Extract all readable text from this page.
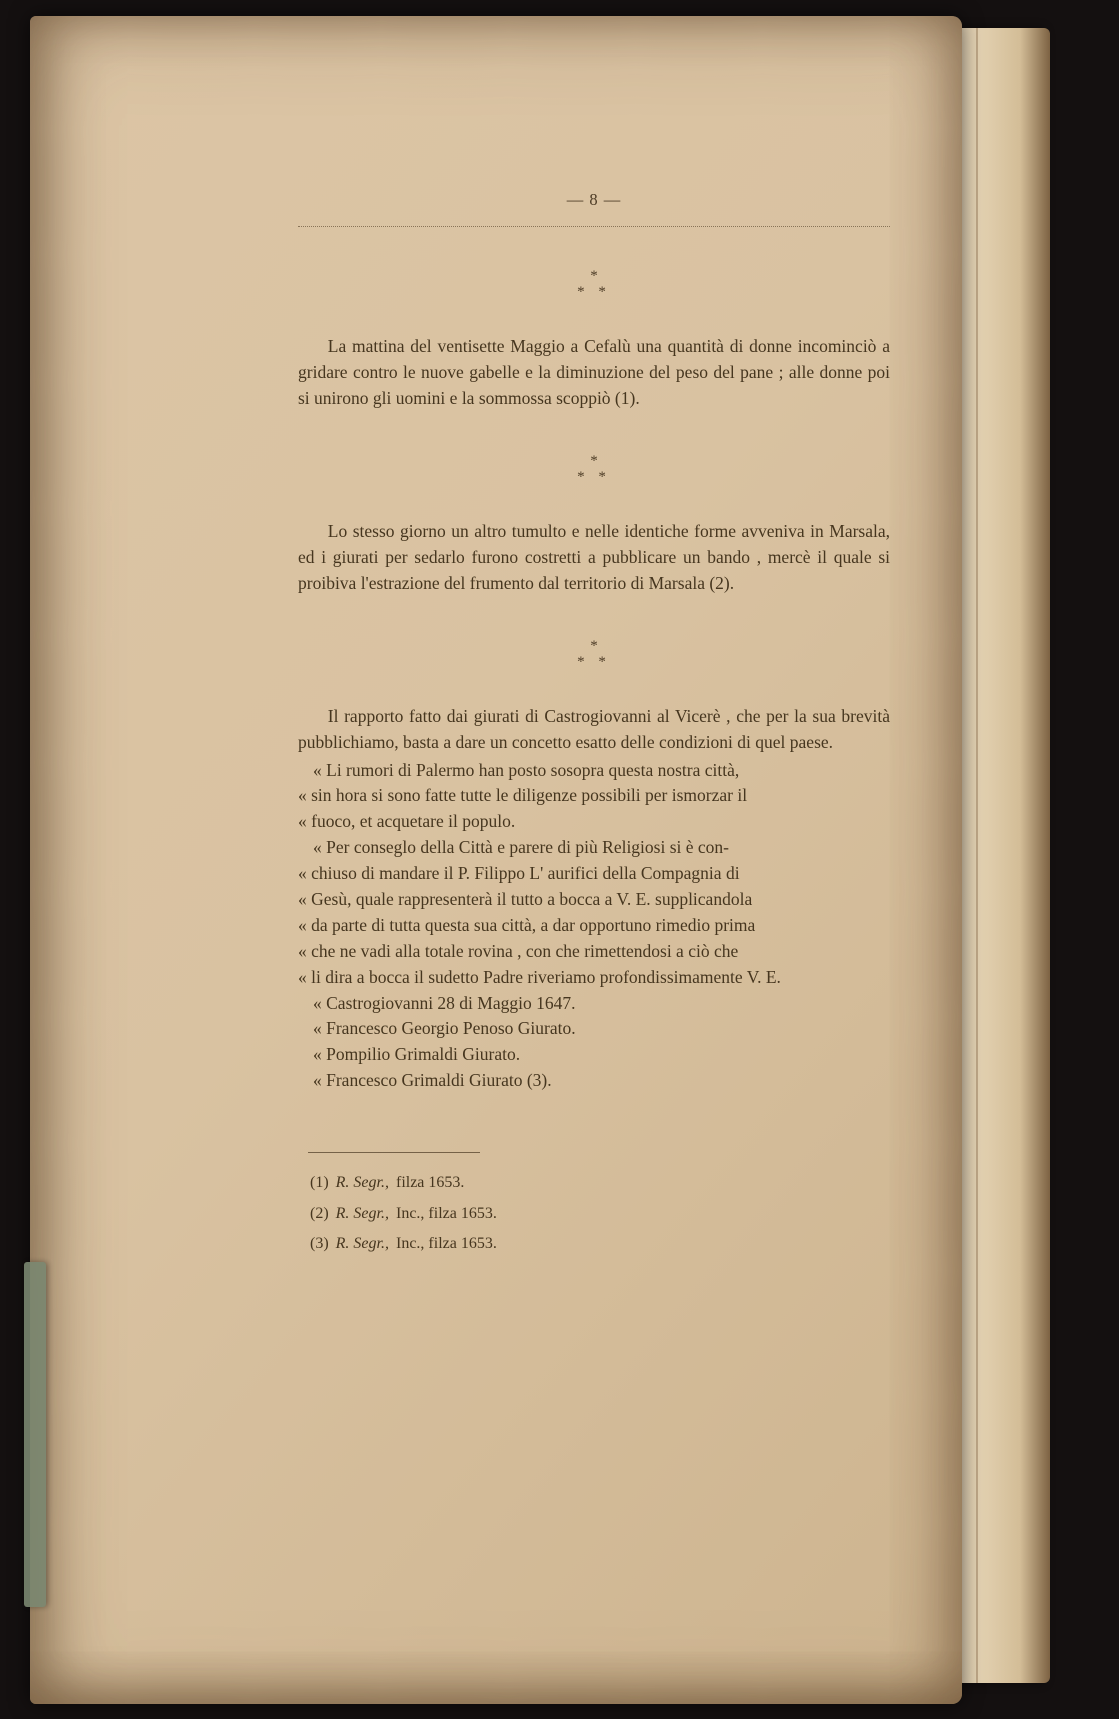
— 8 —
*
* *

La mattina del ventisette Maggio a Cefalù una quantità di donne incominciò a gridare contro le nuove gabelle e la diminuzione del peso del pane ; alle donne poi si unirono gli uomini e la sommossa scoppiò (1).

*
* *

Lo stesso giorno un altro tumulto e nelle identiche forme avveniva in Marsala, ed i giurati per sedarlo furono costretti a pubblicare un bando , mercè il quale si proibiva l'estrazione del frumento dal territorio di Marsala (2).

*
* *

Il rapporto fatto dai giurati di Castrogiovanni al Vicerè , che per la sua brevità pubblichiamo, basta a dare un concetto esatto delle condizioni di quel paese.

« Li rumori di Palermo han posto sosopra questa nostra città,

« sin hora si sono fatte tutte le diligenze possibili per ismorzar il

« fuoco, et acquetare il populo.

« Per conseglo della Città e parere di più Religiosi si è con-

« chiuso di mandare il P. Filippo L' aurifici della Compagnia di

« Gesù, quale rappresenterà il tutto a bocca a V. E. supplicandola

« da parte di tutta questa sua città, a dar opportuno rimedio prima

« che ne vadi alla totale rovina , con che rimettendosi a ciò che

« li dira a bocca il sudetto Padre riveriamo profondissimamente V. E.

« Castrogiovanni 28 di Maggio 1647.

« Francesco Georgio Penoso Giurato.

« Pompilio Grimaldi Giurato.

« Francesco Grimaldi Giurato (3).

(1) R. Segr., filza 1653.
(2) R. Segr., Inc., filza 1653.
(3) R. Segr., Inc., filza 1653.
